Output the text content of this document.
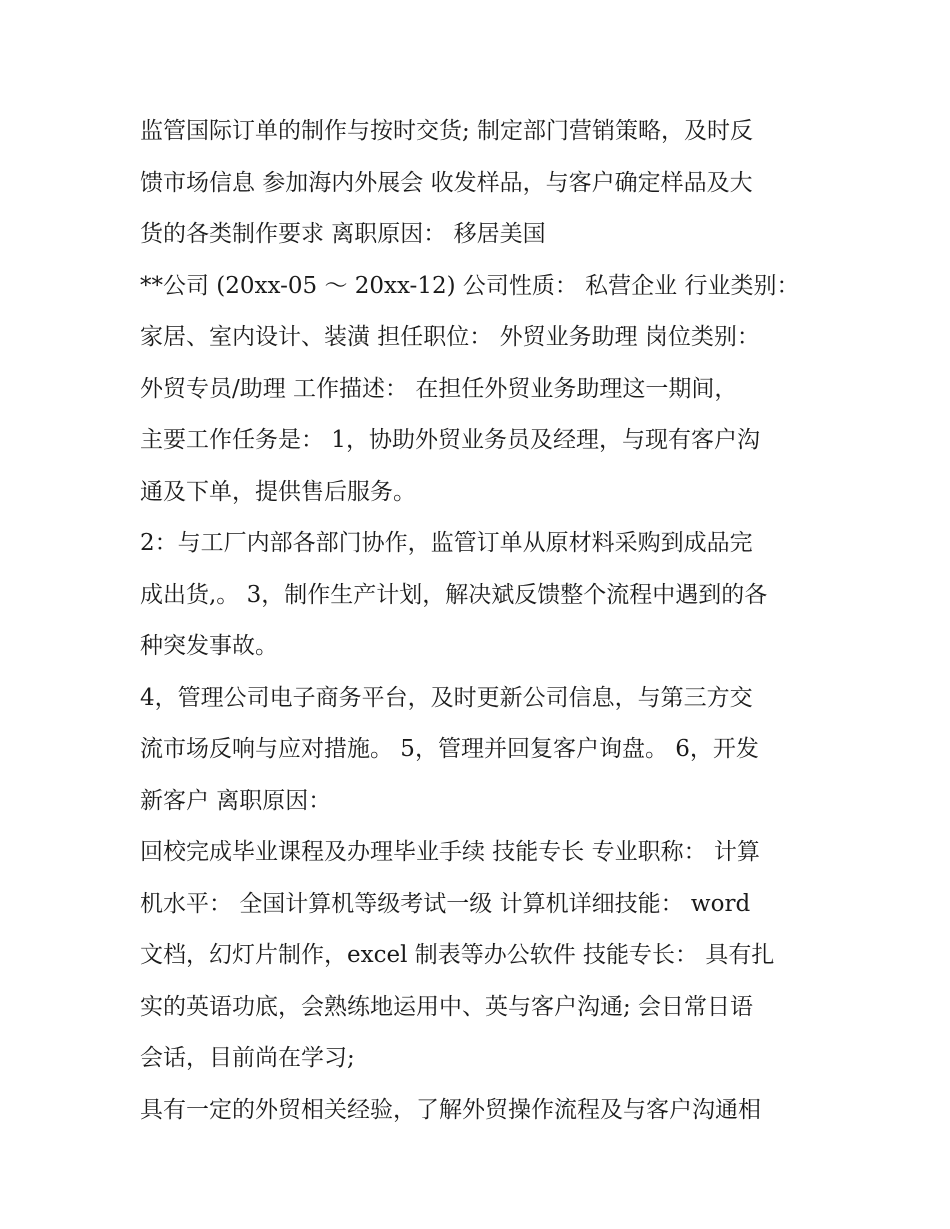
监管国际订单的制作与按时交货; 制定部门营销策略，及时反
馈市场信息 参加海内外展会 收发样品，与客户确定样品及大
货的各类制作要求 离职原因： 移居美国
**公司 (20xx-05 ～ 20xx-12) 公司性质： 私营企业 行业类别：
家居、室内设计、装潢 担任职位： 外贸业务助理 岗位类别：
外贸专员/助理 工作描述： 在担任外贸业务助理这一期间，
主要工作任务是： 1，协助外贸业务员及经理，与现有客户沟
通及下单，提供售后服务。
2：与工厂内部各部门协作，监管订单从原材料采购到成品完
成出货,。 3，制作生产计划，解决斌反馈整个流程中遇到的各
种突发事故。
4，管理公司电子商务平台，及时更新公司信息，与第三方交
流市场反响与应对措施。 5，管理并回复客户询盘。 6，开发
新客户 离职原因：
回校完成毕业课程及办理毕业手续 技能专长 专业职称： 计算
机水平： 全国计算机等级考试一级 计算机详细技能： word
文档，幻灯片制作，excel 制表等办公软件 技能专长： 具有扎
实的英语功底，会熟练地运用中、英与客户沟通; 会日常日语
会话，目前尚在学习;
具有一定的外贸相关经验，了解外贸操作流程及与客户沟通相
